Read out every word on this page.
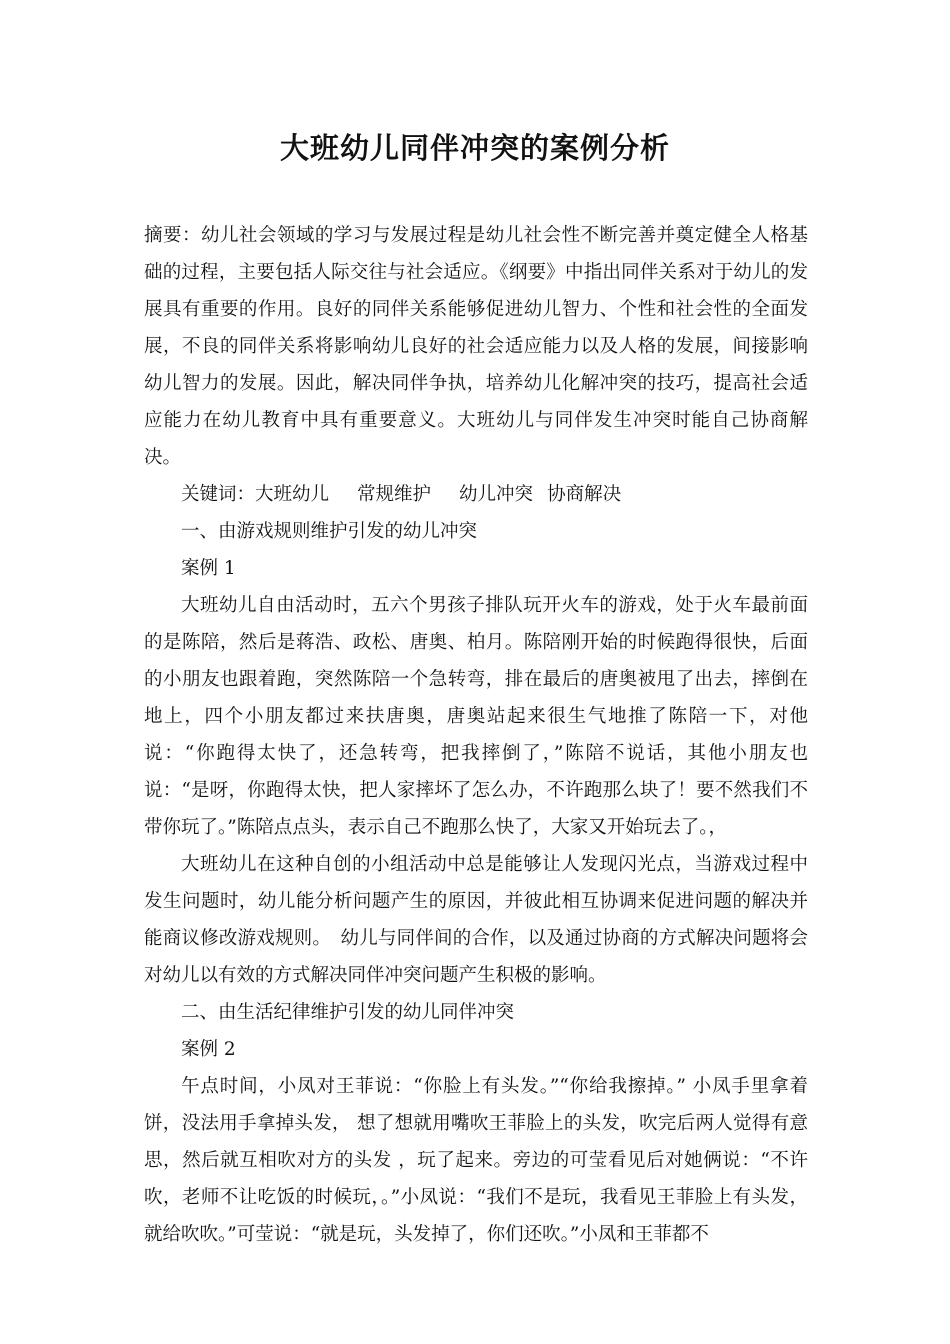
大班幼儿同伴冲突的案例分析

摘要：幼儿社会领域的学习与发展过程是幼儿社会性不断完善并奠定健全人格基础的过程，主要包括人际交往与社会适应。《纲要》中指出同伴关系对于幼儿的发展具有重要的作用。良好的同伴关系能够促进幼儿智力、个性和社会性的全面发展，不良的同伴关系将影响幼儿良好的社会适应能力以及人格的发展，间接影响幼儿智力的发展。因此，解决同伴争执，培养幼儿化解冲突的技巧，提高社会适应能力在幼儿教育中具有重要意义。大班幼儿与同伴发生冲突时能自己协商解决。

关键词：大班幼儿 常规维护 幼儿冲突 协商解决

一、由游戏规则维护引发的幼儿冲突

案例 1

大班幼儿自由活动时，五六个男孩子排队玩开火车的游戏，处于火车最前面的是陈陪，然后是蒋浩、政松、唐奥、柏月。陈陪刚开始的时候跑得很快，后面的小朋友也跟着跑，突然陈陪一个急转弯，排在最后的唐奥被甩了出去，摔倒在地上，四个小朋友都过来扶唐奥，唐奥站起来很生气地推了陈陪一下，对他说：“你跑得太快了，还急转弯，把我摔倒了，”陈陪不说话，其他小朋友也说：“是呀，你跑得太快，把人家摔坏了怎么办，不许跑那么块了！要不然我们不带你玩了。”陈陪点点头，表示自己不跑那么快了，大家又开始玩去了。，

大班幼儿在这种自创的小组活动中总是能够让人发现闪光点，当游戏过程中发生问题时，幼儿能分析问题产生的原因，并彼此相互协调来促进问题的解决并能商议修改游戏规则。　幼儿与同伴间的合作，以及通过协商的方式解决问题将会对幼儿以有效的方式解决同伴冲突问题产生积极的影响。

二、由生活纪律维护引发的幼儿同伴冲突

案例 2

午点时间，小凤对王菲说：“你脸上有头发。”“你给我擦掉。” 小凤手里拿着饼，没法用手拿掉头发， 想了想就用嘴吹王菲脸上的头发，吹完后两人觉得有意思，然后就互相吹对方的头发 ，玩了起来。旁边的可莹看见后对她俩说：“不许吹，老师不让吃饭的时候玩，。”小凤说：“我们不是玩，我看见王菲脸上有头发，就给吹吹。”可莹说：“就是玩，头发掉了，你们还吹。”小凤和王菲都不
